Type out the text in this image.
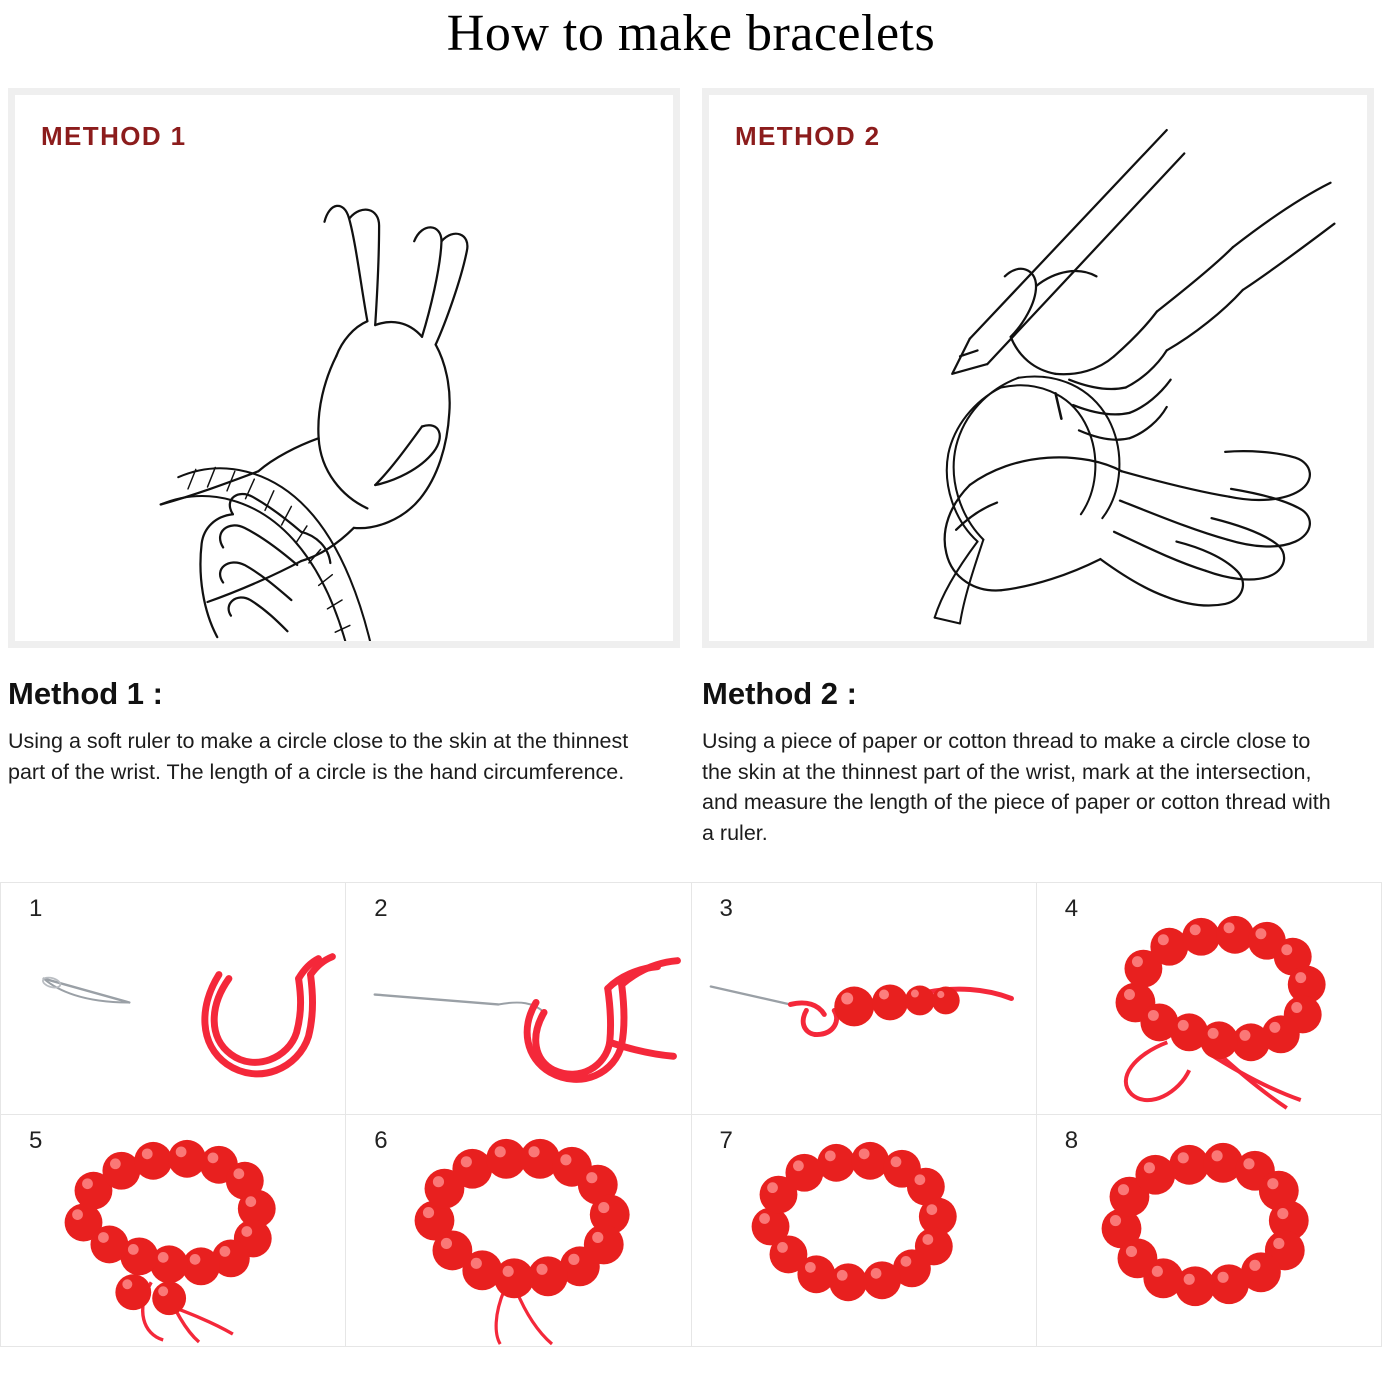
How to make bracelets
METHOD 1
Method 1 :
Using a soft ruler to make a circle close to the skin at the thinnest part of the wrist. The length of a circle is the hand circumference.
METHOD 2
Method 2 :
Using a piece of paper or cotton thread to make a circle close to the skin at the thinnest part of the wrist, mark at the intersection, and measure the length of the piece of paper or cotton thread with a ruler.
1	2	3	4
5	6	7	8
